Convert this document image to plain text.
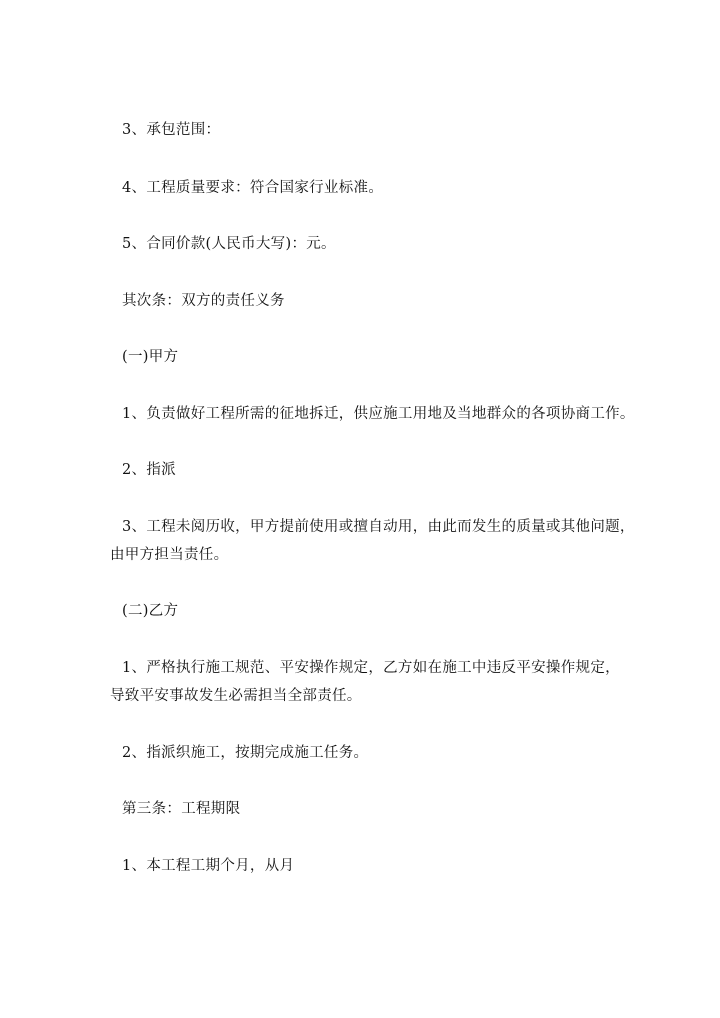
3、承包范围：
4、工程质量要求：符合国家行业标准。
5、合同价款(人民币大写)：元。
其次条：双方的责任义务
(一)甲方
1、负责做好工程所需的征地拆迁，供应施工用地及当地群众的各项协商工作。
2、指派
3、工程未阅历收，甲方提前使用或擅自动用，由此而发生的质量或其他问题，
由甲方担当责任。
(二)乙方
1、严格执行施工规范、平安操作规定，乙方如在施工中违反平安操作规定，
导致平安事故发生必需担当全部责任。
2、指派织施工，按期完成施工任务。
第三条：工程期限
1、本工程工期个月，从月
